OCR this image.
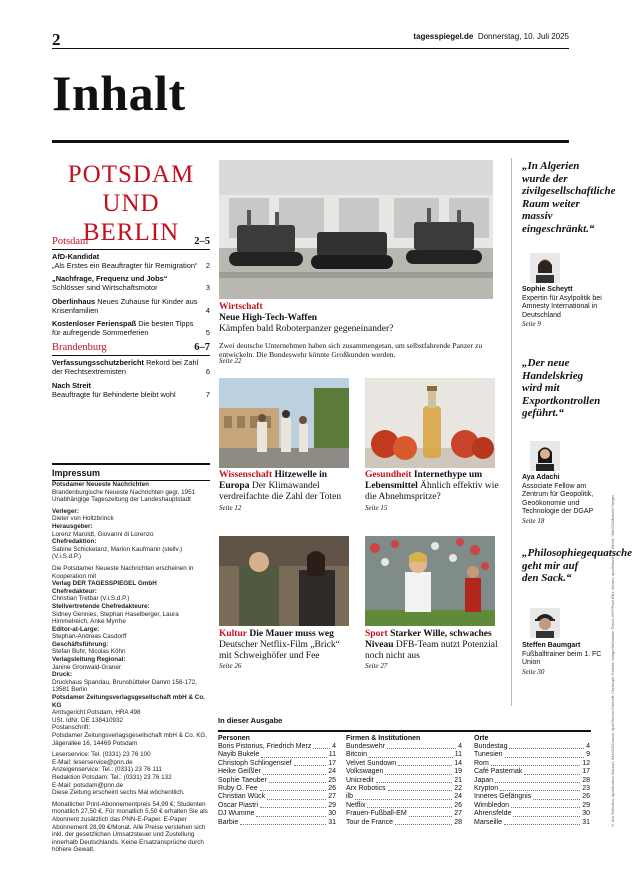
2	tagesspiegel.de Donnerstag, 10. Juli 2025
Inhalt
POTSDAM UND BERLIN
Potsdam	2–5
AfD-Kandidat
„Als Erstes ein Beauftragter für Remigration“ 2
„Nachfrage, Frequenz und Jobs“
Schlösser sind Wirtschaftsmotor	3
Oberlinhaus Neues Zuhause für Kinder aus Krisenfamilien	4
Kostenloser Ferienspaß Die besten Tipps für aufregende Sommerferien	5
Brandenburg	6–7
Verfassungsschutzbericht Rekord bei Zahl der Rechtsextremisten	6
Nach Streit
Beauftragte für Behinderte bleibt wohl	7
Impressum
Potsdamer Neueste Nachrichten
Brandenburgische Neueste Nachrichten gegr. 1951
Unabhängige Tageszeitung der Landeshauptstadt
Verleger:
Dieter von Holtzbrinck
Herausgeber:
Lorenz Maroldt, Giovanni di Lorenzo
Chefredaktion:
Sabine Schicketanz, Marion Kaufmann (stellv.) (V.i.S.d.P.)
Die Potsdamer Neueste Nachrichten erscheinen in Kooperation mit
Verlag DER TAGESSPIEGEL GmbH
Chefredakteur:
Christian Tretbar (V.i.S.d.P.)
Stellvertretende Chefredakteure:
Sidney Gennies, Stephan Haselberger, Laura Himmelreich, Anke Myrrhe
Editor-at-Large:
Stephan-Andreas Casdorff
Geschäftsführung:
Stefan Buhr, Nicolas Köhn
Verlagsleitung Regional:
Janine Gronwald-Graner
Druck:
Druckhaus Spandau, Brunsbütteler Damm 156-172, 13581 Berlin
Potsdamer Zeitungsverlagsgesellschaft mbH & Co. KG
Amtsgericht Potsdam, HRA 498
USt. IdNr. DE 138410932
Postanschrift:
Potsdamer Zeitungsverlagsgesellschaft mbH & Co. KG,
Jägerallee 16, 14469 Potsdam
Leserservice: Tel. (0331) 23 76 100
E-Mail: leserservice@pnn.de
Anzeigenservice: Tel.: (0331) 23 76 111
Redaktion Potsdam: Tel.: (0331) 23 76 132
E-Mail: potsdam@pnn.de
Diese Zeitung erscheint sechs Mal wöchentlich.
Monatlicher Print-Abonnementpreis 54,99 €; Studenten monatlich 27,50 €. Für monatlich 5,50 € erhalten Sie als Abonnent zusätzlich das PNN-E-Paper. E-Paper Abonnement 28,99 €/Monat. Alle Preise verstehen sich inkl. der gesetzlichen Umsatzsteuer und Zustellung innerhalb Deutschlands. Keine Ersatzansprüche durch höhere Gewalt.
Wirtschaft
Neue High-Tech-Waffen
Kämpfen bald Roboterpanzer gegeneinander?
Zwei deutsche Unternehmen haben sich zusammengetan, um selbstfahrende Panzer zu entwickeln. Die Bundeswehr könnte Großkunden werden.
Seite 22
Wissenschaft Hitzewelle in Europa Der Klimawandel verdreifachte die Zahl der Toten
Seite 12
Gesundheit Internethype um Lebensmittel Ähnlich effektiv wie die Abnehmspritze?
Seite 15
Kultur Die Mauer muss weg Deutscher Netflix-Film „Brick“ mit Schweighöfer und Fee
Seite 26
Sport Starker Wille, schwaches Niveau DFB-Team nutzt Potenzial noch nicht aus
Seite 27
„In Algerien wurde der zivilgesellschaftliche Raum weiter massiv eingeschränkt.“
Sophie Scheytt
Expertin für Asylpolitik bei Amnesty International in Deutschland
Seite 9
„Der neue Handelskrieg wird mit Exportkontrollen geführt.“
Aya Adachi
Associate Fellow am Zentrum für Geopolitik, Geoökonomie und Technologie der DGAP
Seite 18
„Philosophiegequatsche geht mir auf den Sack.“
Steffen Baumgart
Fußballtrainer beim 1. FC Union
Seite 30
In dieser Ausgabe
Personen
Boris Pistorius, Friedrich Merz	4
Nayib Bukele	11
Christoph Schlingensief	17
Heike Geißler	24
Sophie Taeuber	25
Ruby O. Fee	26
Christian Wück	27
Oscar Piastri	29
DJ Wumme	30
Barbie	31
Firmen & Institutionen
Bundeswehr	4
Bitcoin	11
Velvet Sundown	14
Volkswagen	19
Unicredit	21
Arx Robotics	22
ilb	24
Netflix	26
Frauen-Fußball-EM	27
Tour de France	28
Orte
Bundestag	4
Tunesien	9
Rom	12
Café Pasternak	17
Japan	28
Krypton	23
Inneres Gefängnis	26
Wimbledon	29
Ahrensfelde	30
Marseille	31	© Arx Robotics; dpa/Andrea Maurizi; IMAGO/Zoonar; dpa/Teresa Dönhoff; Christoph Gellner; imago/Sebastian Tasch; AFP/Paul Ellis; Brown; dpa/Hannes P. Albert; IMAGO/Michael Taeger
